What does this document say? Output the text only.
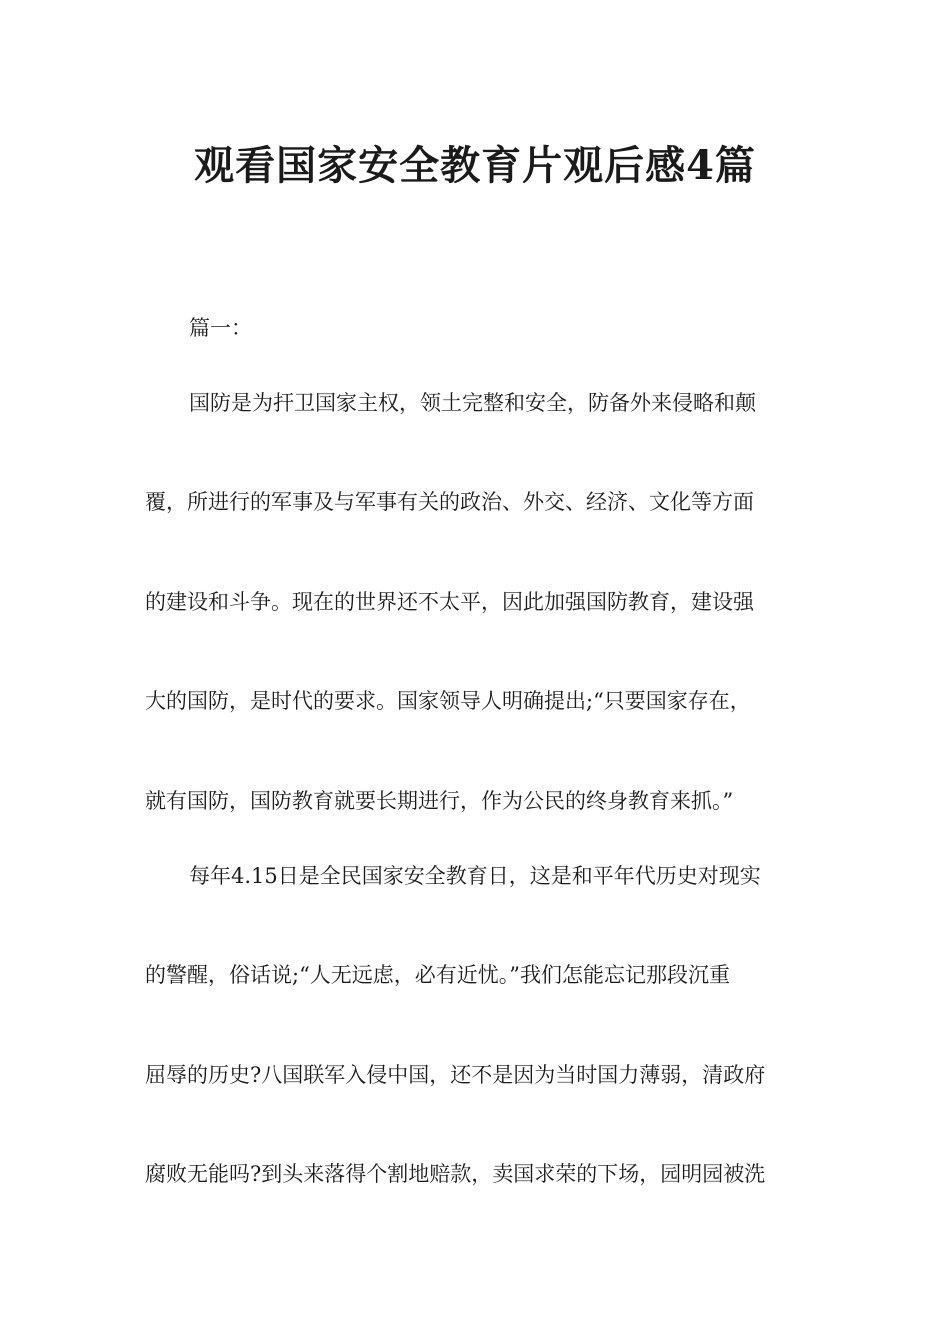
观看国家安全教育片观后感4篇

篇一：

国防是为扞卫国家主权，领土完整和安全，防备外来侵略和颠

覆，所进行的军事及与军事有关的政治、外交、经济、文化等方面

的建设和斗争。现在的世界还不太平，因此加强国防教育，建设强

大的国防，是时代的要求。国家领导人明确提出;“只要国家存在，

就有国防，国防教育就要长期进行，作为公民的终身教育来抓。”

每年4.15日是全民国家安全教育日，这是和平年代历史对现实

的警醒，俗话说;“人无远虑，必有近忧。”我们怎能忘记那段沉重

屈辱的历史?八国联军入侵中国，还不是因为当时国力薄弱，清政府

腐败无能吗?到头来落得个割地赔款，卖国求荣的下场，园明园被洗
